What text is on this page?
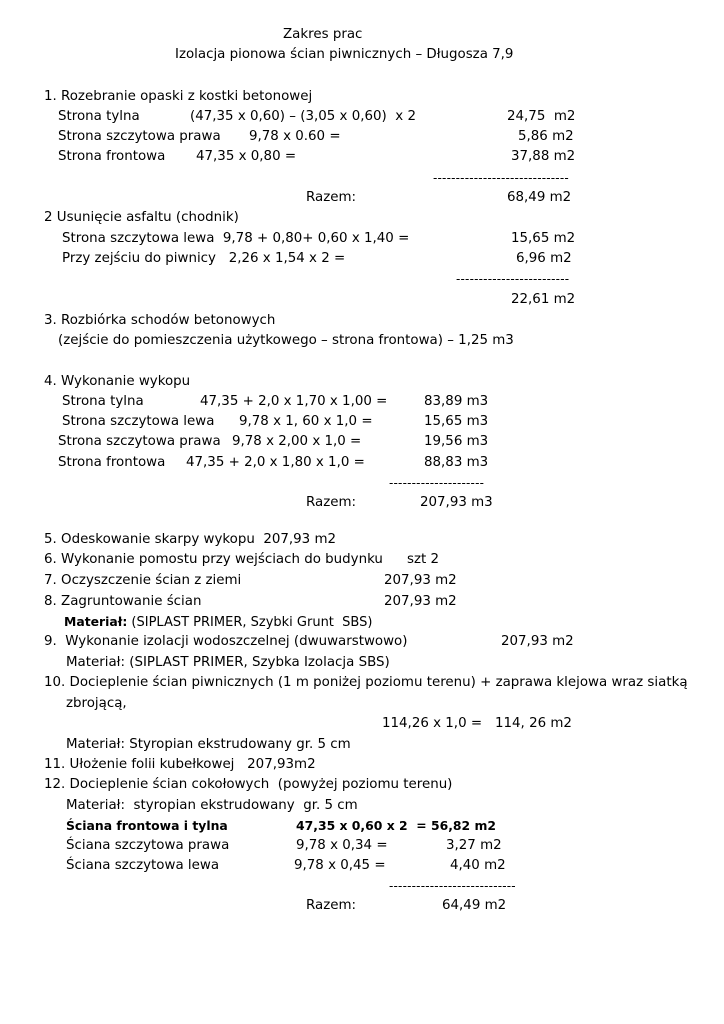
Zakres prac
Izolacja pionowa ścian piwnicznych – Długosza 7,9
1. Rozebranie opaski z kostki betonowej
Strona tylna	(47,35 x 0,60) – (3,05 x 0,60)  x 2	24,75  m2
Strona szczytowa prawa 9,78 x 0.60 =	5,86 m2
Strona frontowa 47,35 x 0,80 =	37,88 m2
------------------------------
Razem:	68,49 m2
2 Usunięcie asfaltu (chodnik)
Strona szczytowa lewa  9,78 + 0,80+ 0,60 x 1,40 =	15,65 m2
Przy zejściu do piwnicy   2,26 x 1,54 x 2 =	6,96 m2
-------------------------
22,61 m2
3. Rozbiórka schodów betonowych
(zejście do pomieszczenia użytkowego – strona frontowa) – 1,25 m3
4. Wykonanie wykopu
Strona tylna	47,35 + 2,0 x 1,70 x 1,00 =	83,89 m3
Strona szczytowa lewa 9,78 x 1, 60 x 1,0 =	15,65 m3
Strona szczytowa prawa 9,78 x 2,00 x 1,0 =	19,56 m3
Strona frontowa 47,35 + 2,0 x 1,80 x 1,0 =	88,83 m3
---------------------
Razem:	207,93 m3
5. Odeskowanie skarpy wykopu  207,93 m2
6. Wykonanie pomostu przy wejściach do budynku szt 2
7. Oczyszczenie ścian z ziemi	207,93 m2
8. Zagruntowanie ścian	207,93 m2
Materiał: (SIPLAST PRIMER, Szybki Grunt  SBS)
9.  Wykonanie izolacji wodoszczelnej (dwuwarstwowo)	207,93 m2
Materiał: (SIPLAST PRIMER, Szybka Izolacja SBS)
10. Docieplenie ścian piwnicznych (1 m poniżej poziomu terenu) + zaprawa klejowa wraz siatką
zbrojącą,
114,26 x 1,0 = 114, 26 m2
Materiał: Styropian ekstrudowany gr. 5 cm
11. Ułożenie folii kubełkowej   207,93m2
12. Docieplenie ścian cokołowych  (powyżej poziomu terenu)
Materiał:  styropian ekstrudowany  gr. 5 cm
Ściana frontowa i tylna	47,35 x 0,60 x 2  = 56,82 m2
Ściana szczytowa prawa	9,78 x 0,34 =	3,27 m2
Ściana szczytowa lewa	9,78 x 0,45 =	4,40 m2
----------------------------
Razem:	64,49 m2
